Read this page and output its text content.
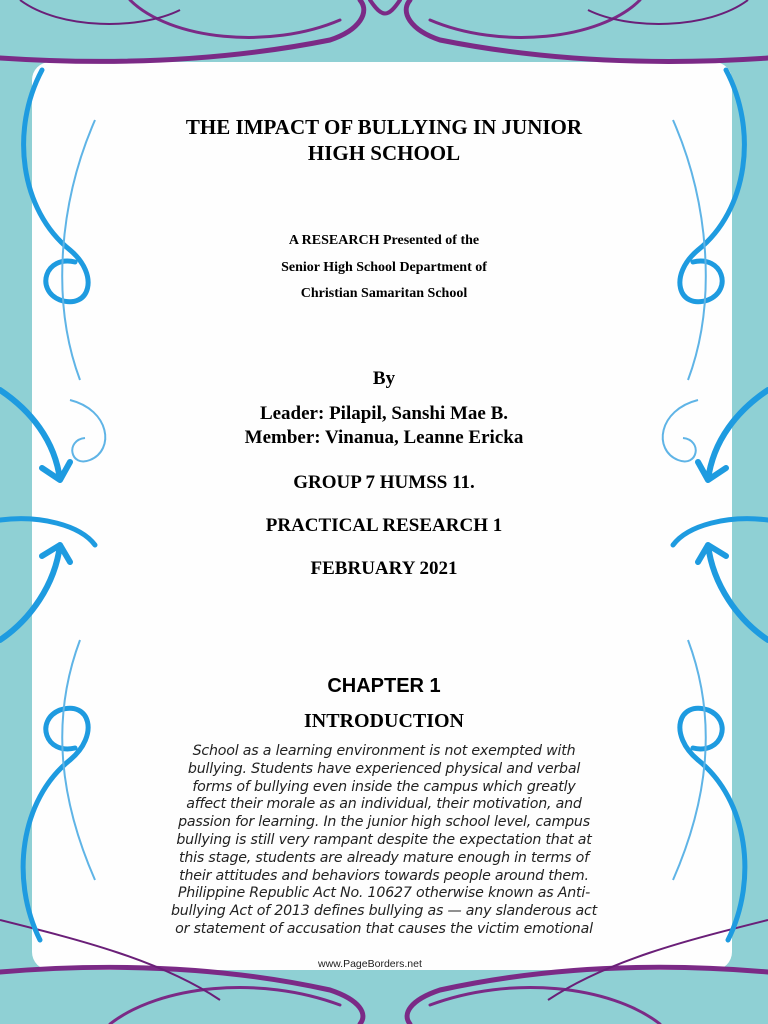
THE IMPACT OF BULLYING IN JUNIOR
HIGH SCHOOL
A RESEARCH Presented of the
Senior High School Department of
Christian Samaritan School
By
Leader: Pilapil, Sanshi Mae B.
Member: Vinanua, Leanne Ericka
GROUP 7 HUMSS 11.
PRACTICAL RESEARCH 1
FEBRUARY 2021
CHAPTER 1
INTRODUCTION
School as a learning environment is not exempted with
bullying. Students have experienced physical and verbal
forms of bullying even inside the campus which greatly
affect their morale as an individual, their motivation, and
passion for learning. In the junior high school level, campus
bullying is still very rampant despite the expectation that at
this stage, students are already mature enough in terms of
their attitudes and behaviors towards people around them.
Philippine Republic Act No. 10627 otherwise known as Anti-
bullying Act of 2013 defines bullying as — any slanderous act
or statement of accusation that causes the victim emotional
www.PageBorders.net
